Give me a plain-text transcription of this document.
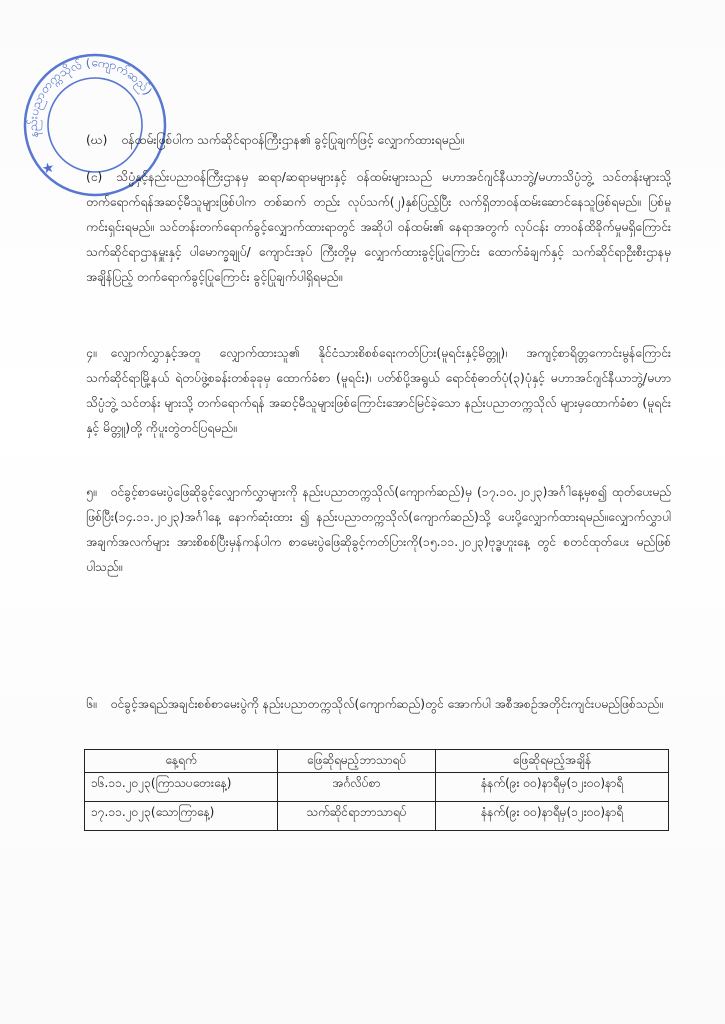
နည်းပညာတက္ကသိုလ် (ကျောက်ဆည်)
★
(ဃ) ဝန်ထမ်းဖြစ်ပါက သက်ဆိုင်ရာဝန်ကြီးဌာန၏ ခွင့်ပြုချက်ဖြင့် လျှောက်ထားရမည်။
(င) သိပ္ပံနှင့်နည်းပညာဝန်ကြီးဌာနမှ ဆရာ/ဆရာမများနှင့် ဝန်ထမ်းများသည် မဟာအင်ဂျင်နီယာဘွဲ့/မဟာသိပ္ပံဘွဲ့ သင်တန်းများသို့ တက်ရောက်ရန်အဆင့်မီသူများဖြစ်ပါက တစ်ဆက် တည်း လုပ်သက်(၂)နှစ်ပြည့်ပြီး လက်ရှိတာဝန်ထမ်းဆောင်နေသူဖြစ်ရမည်။ ပြစ်မှုကင်းရှင်းရမည်။ သင်တန်းတက်ရောက်ခွင့်လျှောက်ထားရာတွင် အဆိုပါ ဝန်ထမ်း၏ နေရာအတွက် လုပ်ငန်း တာဝန်ထိခိုက်မှုမရှိကြောင်း သက်ဆိုင်ရာဌာနမှူးနှင့် ပါမောက္ခချုပ်/ ကျောင်းအုပ် ကြီးတို့မှ လျှောက်ထားခွင့်ပြုကြောင်း ထောက်ခံချက်နှင့် သက်ဆိုင်ရာဦးစီးဌာနမှ အချိန်ပြည့် တက်ရောက်ခွင့်ပြုကြောင်း ခွင့်ပြုချက်ပါရှိရမည်။
၄။ လျှောက်လွှာနှင့်အတူ လျှောက်ထားသူ၏ နိုင်ငံသားစိစစ်ရေးကတ်ပြား(မူရင်းနှင့်မိတ္တူ)၊ အကျင့်စာရိတ္တကောင်းမွန်ကြောင်း သက်ဆိုင်ရာမြို့နယ် ရဲတပ်ဖွဲ့စခန်းတစ်ခုခုမှ ထောက်ခံစာ (မူရင်း)၊ ပတ်စ်ပို့အရွယ် ရောင်စုံဓာတ်ပုံ(၃)ပုံနှင့် မဟာအင်ဂျင်နီယာဘွဲ့/မဟာသိပ္ပံဘွဲ့ သင်တန်း များသို့ တက်ရောက်ရန် အဆင့်မီသူများဖြစ်ကြောင်းအောင်မြင်ခဲ့သော နည်းပညာတက္ကသိုလ် များမှထောက်ခံစာ (မူရင်းနှင့် မိတ္တူ)တို့ ကိုပူးတွဲတင်ပြရမည်။
၅။ ဝင်ခွင့်စာမေးပွဲဖြေဆိုခွင့်လျှောက်လွှာများကို နည်းပညာတက္ကသိုလ်(ကျောက်ဆည်)မှ (၁၇.၁၀.၂၀၂၃)အင်္ဂါနေ့မှစ၍ ထုတ်ပေးမည်ဖြစ်ပြီး(၁၄.၁၁.၂၀၂၃)အင်္ဂါနေ့ နောက်ဆုံးထား ၍ နည်းပညာတက္ကသိုလ်(ကျောက်ဆည်)သို့ ပေးပို့လျှောက်ထားရမည်။လျှောက်လွှာပါ အချက်အလက်များ အားစိစစ်ပြီးမှန်ကန်ပါက စာမေးပွဲဖြေဆိုခွင့်ကတ်ပြားကို(၁၅.၁၁.၂၀၂၃)ဗုဒ္ဓဟူးနေ့ တွင် စတင်ထုတ်ပေး မည်ဖြစ်ပါသည်။
၆။ ဝင်ခွင့်အရည်အချင်းစစ်စာမေးပွဲကို နည်းပညာတက္ကသိုလ်(ကျောက်ဆည်)တွင် အောက်ပါ အစီအစဉ်အတိုင်းကျင်းပမည်ဖြစ်သည်။
နေ့ရက်	ဖြေဆိုရမည့်ဘာသာရပ်	ဖြေဆိုရမည့်အချိန်
၁၆.၁၁.၂၀၂၃(ကြာသပတေးနေ့)	အင်္ဂလိပ်စာ	နံနက်(၉း ၀၀)နာရီမှ(၁၂း၀၀)နာရီ
၁၇.၁၁.၂၀၂၃(သောကြာနေ့)	သက်ဆိုင်ရာဘာသာရပ်	နံနက်(၉း ၀၀)နာရီမှ(၁၂း၀၀)နာရီ
